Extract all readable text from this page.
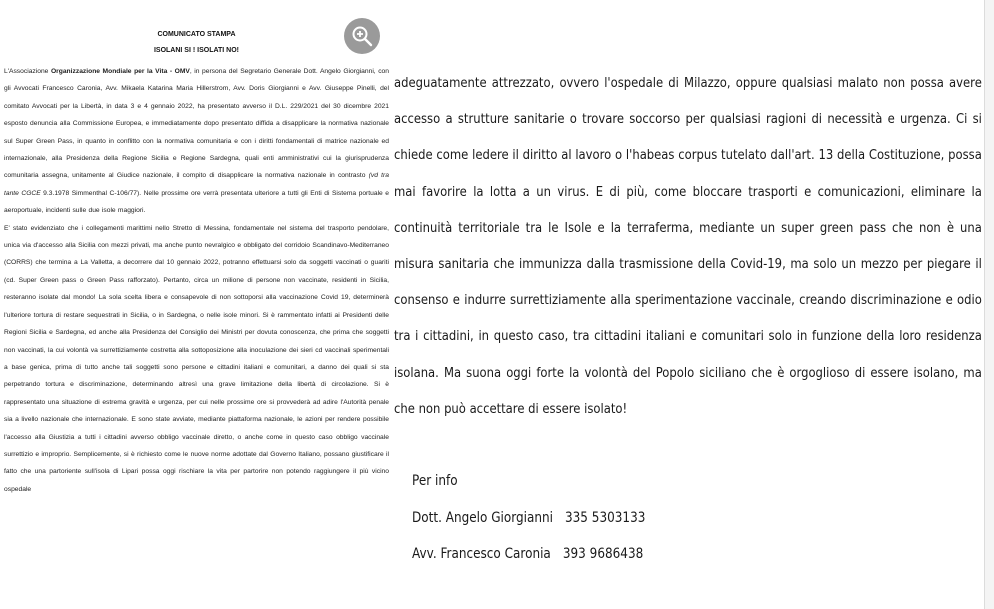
COMUNICATO STAMPA
ISOLANI SI ! ISOLATI NO!

L'Associazione Organizzazione Mondiale per la Vita - OMV, in persona del Segretario Generale Dott. Angelo Giorgianni, con gli Avvocati Francesco Caronia, Avv. Mikaela Katarina Maria Hillerstrom, Avv. Doris Giorgianni e Avv. Giuseppe Pinelli, del comitato Avvocati per la Libertà, in data 3 e 4 gennaio 2022, ha presentato avverso il D.L. 229/2021 del 30 dicembre 2021 esposto denuncia alla Commissione Europea, e immediatamente dopo presentato diffida a disapplicare la normativa nazionale sul Super Green Pass, in quanto in conflitto con la normativa comunitaria e con i diritti fondamentali di matrice nazionale ed internazionale, alla Presidenza della Regione Sicilia e Regione Sardegna, quali enti amministrativi cui la giurisprudenza comunitaria assegna, unitamente al Giudice nazionale, il compito di disapplicare la normativa nazionale in contrasto (vd tra tante CGCE 9.3.1978 Simmenthal C-106/77). Nelle prossime ore verrà presentata ulteriore a tutti gli Enti di Sistema portuale e aeroportuale, incidenti sulle due isole maggiori.

E' stato evidenziato che i collegamenti marittimi nello Stretto di Messina, fondamentale nel sistema del trasporto pendolare, unica via d'accesso alla Sicilia con mezzi privati, ma anche punto nevralgico e obbligato del corridoio Scandinavo-Mediterraneo (CORRS) che termina a La Valletta, a decorrere dal 10 gennaio 2022, potranno effettuarsi solo da soggetti vaccinati o guariti (cd. Super Green pass o Green Pass rafforzato). Pertanto, circa un milione di persone non vaccinate, residenti in Sicilia, resteranno isolate dal mondo! La sola scelta libera e consapevole di non sottoporsi alla vaccinazione Covid 19, determinerà l'ulteriore tortura di restare sequestrati in Sicilia, o in Sardegna, o nelle isole minori. Si è rammentato infatti ai Presidenti delle Regioni Sicilia e Sardegna, ed anche alla Presidenza del Consiglio dei Ministri per dovuta conoscenza, che prima che soggetti non vaccinati, la cui volontà va surrettiziamente costretta alla sottoposizione alla inoculazione dei sieri cd vaccinali sperimentali a base genica, prima di tutto anche tali soggetti sono persone e cittadini italiani e comunitari, a danno dei quali si sta perpetrando tortura e discriminazione, determinando altresì una grave limitazione della libertà di circolazione. Si è rappresentato una situazione di estrema gravità e urgenza, per cui nelle prossime ore si provvederà ad adire l'Autorità penale sia a livello nazionale che internazionale. E sono state avviate, mediante piattaforma nazionale, le azioni per rendere possibile l'accesso alla Giustizia a tutti i cittadini avverso obbligo vaccinale diretto, o anche come in questo caso obbligo vaccinale surrettizio e improprio. Semplicemente, si è richiesto come le nuove norme adottate dal Governo Italiano, possano giustificare il fatto che una partoriente sull'isola di Lipari possa oggi rischiare la vita per partorire non potendo raggiungere il più vicino ospedale

adeguatamente attrezzato, ovvero l'ospedale di Milazzo, oppure qualsiasi malato non possa avere accesso a strutture sanitarie o trovare soccorso per qualsiasi ragioni di necessità e urgenza. Ci si chiede come ledere il diritto al lavoro o l'habeas corpus tutelato dall'art. 13 della Costituzione, possa mai favorire la lotta a un virus. E di più, come bloccare trasporti e comunicazioni, eliminare la continuità territoriale tra le Isole e la terraferma, mediante un super green pass che non è una misura sanitaria che immunizza dalla trasmissione della Covid-19, ma solo un mezzo per piegare il consenso e indurre surrettiziamente alla sperimentazione vaccinale, creando discriminazione e odio tra i cittadini, in questo caso, tra cittadini italiani e comunitari solo in funzione della loro residenza isolana. Ma suona oggi forte la volontà del Popolo siciliano che è orgoglioso di essere isolano, ma che non può accettare di essere isolato!

Per info
Dott. Angelo Giorgianni 335 5303133
Avv. Francesco Caronia 393 9686438
